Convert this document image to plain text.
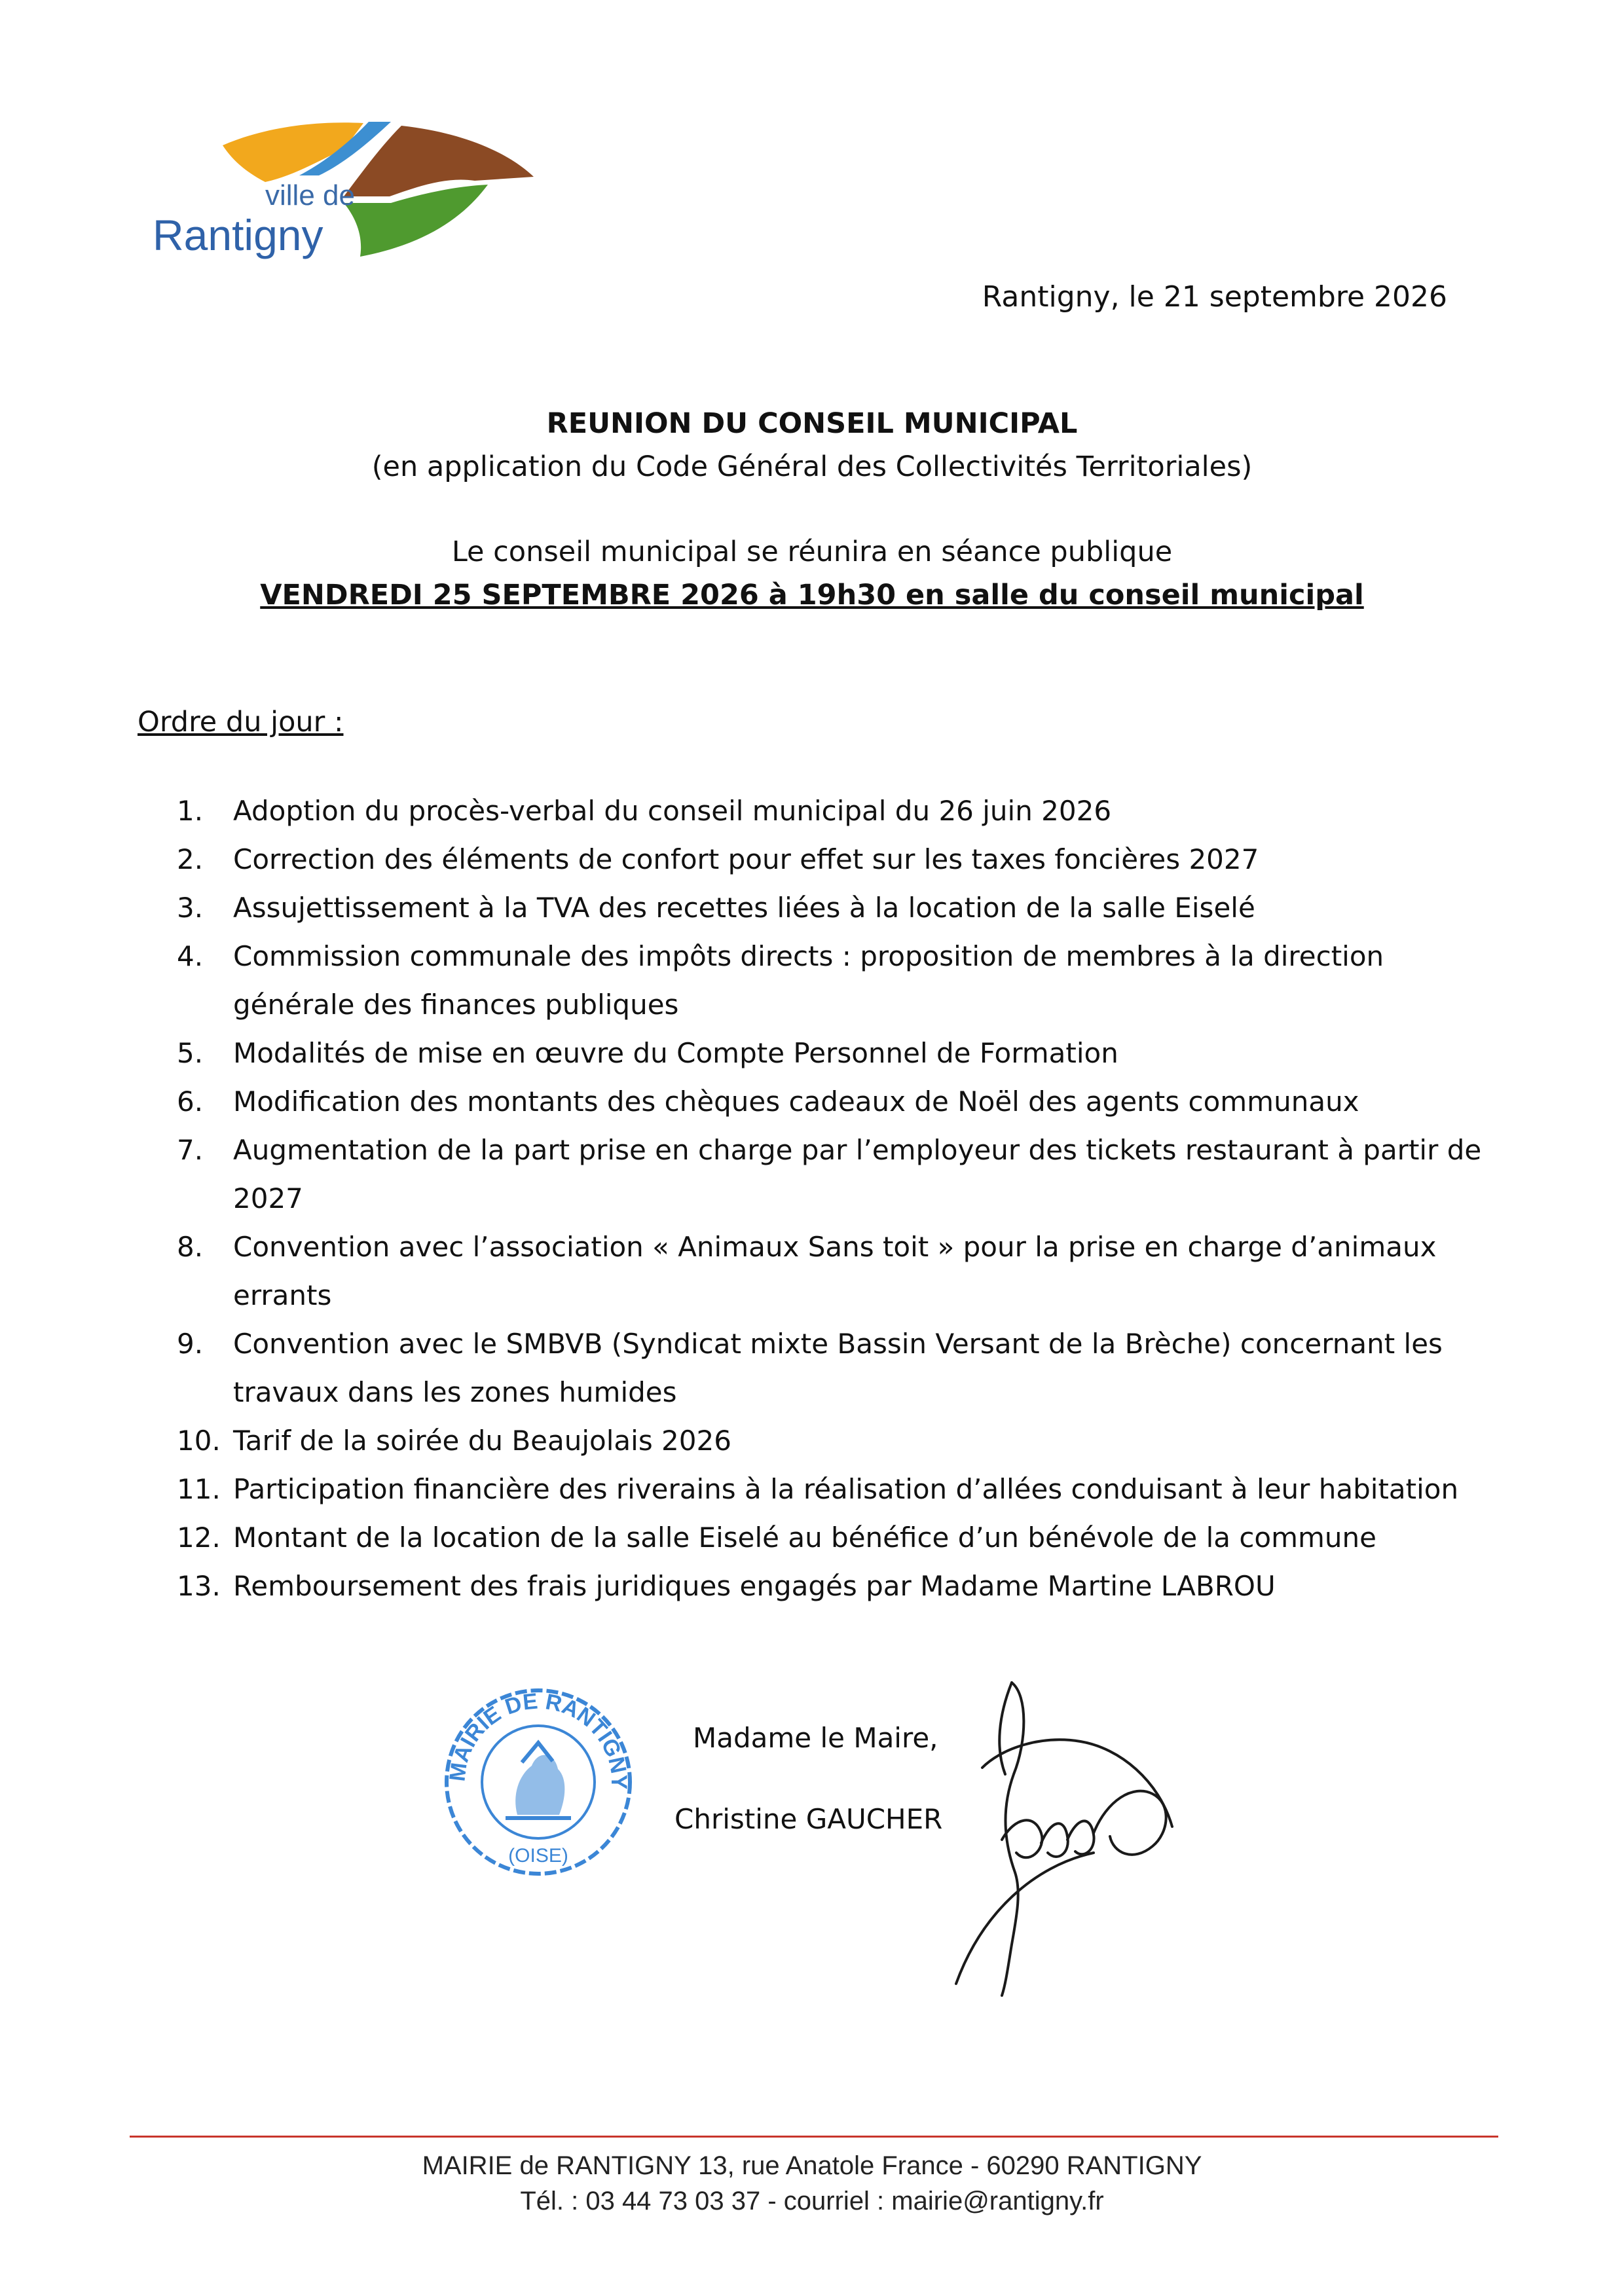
ville de
Rantigny
Rantigny, le 21 septembre 2026
REUNION DU CONSEIL MUNICIPAL
(en application du Code Général des Collectivités Territoriales)
Le conseil municipal se réunira en séance publique
VENDREDI 25 SEPTEMBRE 2026 à 19h30 en salle du conseil municipal
Ordre du jour :
1.	Adoption du procès-verbal du conseil municipal du 26 juin 2026
2.	Correction des éléments de confort pour effet sur les taxes foncières 2027
3.	Assujettissement à la TVA des recettes liées à la location de la salle Eiselé
4.	Commission communale des impôts directs : proposition de membres à la direction
générale des finances publiques
5.	Modalités de mise en œuvre du Compte Personnel de Formation
6.	Modification des montants des chèques cadeaux de Noël des agents communaux
7.	Augmentation de la part prise en charge par l’employeur des tickets restaurant à partir de
2027
8.	Convention avec l’association « Animaux Sans toit » pour la prise en charge d’animaux
errants
9.	Convention avec le SMBVB (Syndicat mixte Bassin Versant de la Brèche) concernant les
travaux dans les zones humides
10. Tarif de la soirée du Beaujolais 2026
11. Participation financière des riverains à la réalisation d’allées conduisant à leur habitation
12. Montant de la location de la salle Eiselé au bénéfice d’un bénévole de la commune
13. Remboursement des frais juridiques engagés par Madame Martine LABROU
MAIRIE DE RANTIGNY
(OISE)
Madame le Maire,
Christine GAUCHER
MAIRIE de RANTIGNY 13, rue Anatole France - 60290 RANTIGNY
Tél. : 03 44 73 03 37 - courriel : mairie@rantigny.fr
